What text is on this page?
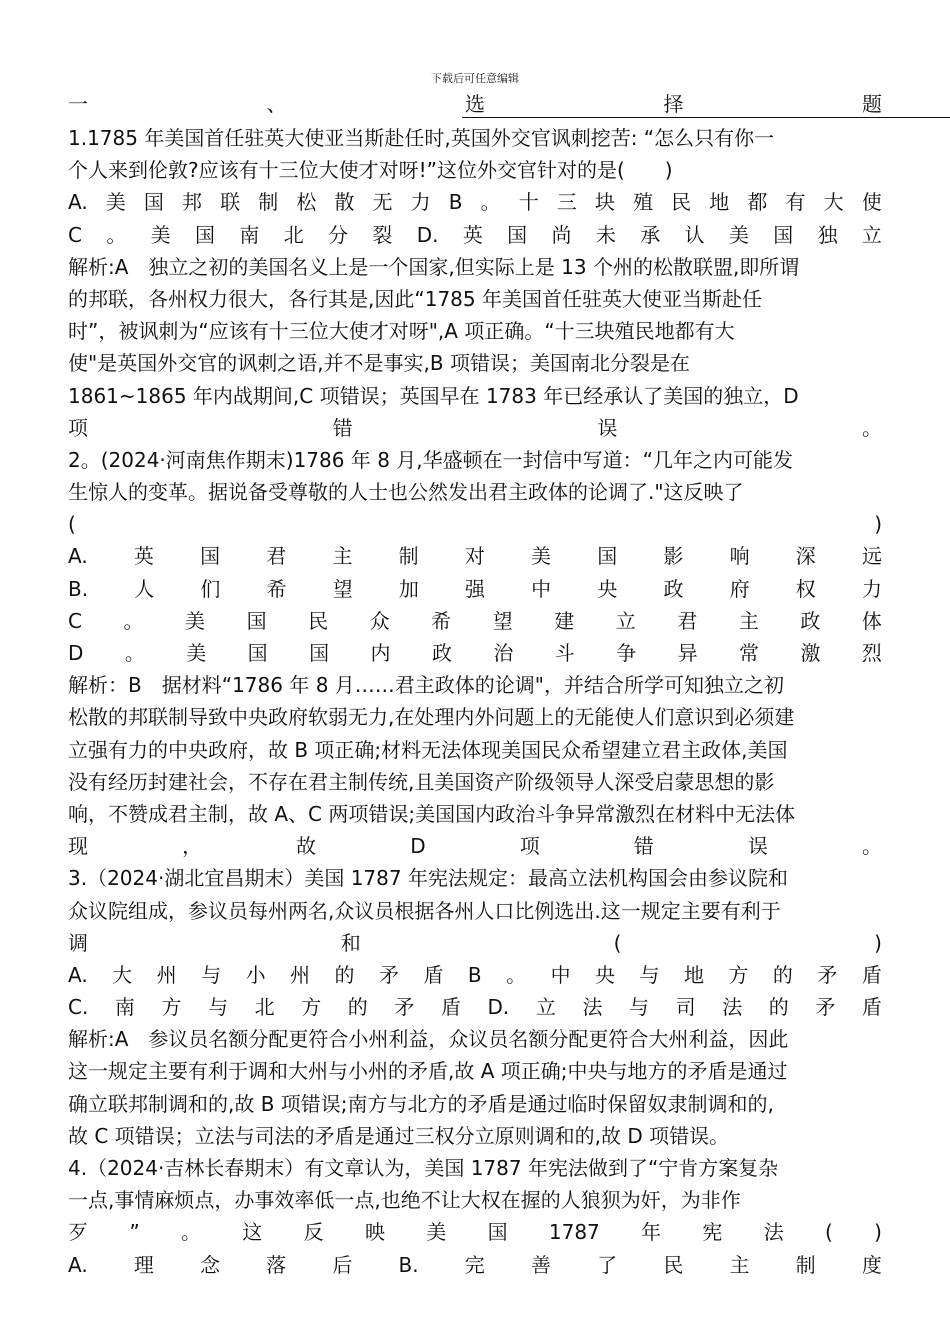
下载后可任意编辑
一	、	选	择	题
1.1785 年美国首任驻英大使亚当斯赴任时,英国外交官讽刺挖苦: “怎么只有你一
个人来到伦敦?应该有十三位大使才对呀!”这位外交官针对的是(　　)
A. 美 国 邦 联 制 松 散 无 力 B 。 十 三 块 殖 民 地 都 有 大 使
C 。 美 国 南 北 分 裂 D. 英 国 尚 未 承 认 美 国 独 立
解析:A　独立之初的美国名义上是一个国家,但实际上是 13 个州的松散联盟,即所谓
的邦联，各州权力很大，各行其是,因此“1785 年美国首任驻英大使亚当斯赴任
时”，被讽刺为“应该有十三位大使才对呀",A 项正确。“十三块殖民地都有大
使"是英国外交官的讽刺之语,并不是事实,B 项错误；美国南北分裂是在
1861~1865 年内战期间,C 项错误；英国早在 1783 年已经承认了美国的独立，D
项	错	误	。
2。(2024·河南焦作期末)1786 年 8 月,华盛顿在一封信中写道：“几年之内可能发
生惊人的变革。据说备受尊敬的人士也公然发出君主政体的论调了."这反映了
(	)
A. 英 国 君 主 制 对 美 国 影 响 深 远
B. 人 们 希 望 加 强 中 央 政 府 权 力
C 。 美 国 民 众 希 望 建 立 君 主 政 体
D 。 美 国 国 内 政 治 斗 争 异 常 激 烈
解析：B　据材料“1786 年 8 月……君主政体的论调"，并结合所学可知独立之初
松散的邦联制导致中央政府软弱无力,在处理内外问题上的无能使人们意识到必须建
立强有力的中央政府，故 B 项正确;材料无法体现美国民众希望建立君主政体,美国
没有经历封建社会，不存在君主制传统,且美国资产阶级领导人深受启蒙思想的影
响，不赞成君主制，故 A、C 两项错误;美国国内政治斗争异常激烈在材料中无法体
现	，	故	D	项	错	误	。
3.（2024·湖北宜昌期末）美国 1787 年宪法规定：最高立法机构国会由参议院和
众议院组成，参议员每州两名,众议员根据各州人口比例选出.这一规定主要有利于
调	和	(	)
A. 大 州 与 小 州 的 矛 盾 B 。 中 央 与 地 方 的 矛 盾
C. 南 方 与 北 方 的 矛 盾 D. 立 法 与 司 法 的 矛 盾
解析:A　参议员名额分配更符合小州利益，众议员名额分配更符合大州利益，因此
这一规定主要有利于调和大州与小州的矛盾,故 A 项正确;中央与地方的矛盾是通过
确立联邦制调和的,故 B 项错误;南方与北方的矛盾是通过临时保留奴隶制调和的,
故 C 项错误；立法与司法的矛盾是通过三权分立原则调和的,故 D 项错误。
4.（2024·吉林长春期末）有文章认为，美国 1787 年宪法做到了“宁肯方案复杂
一点,事情麻烦点，办事效率低一点,也绝不让大权在握的人狼狈为奸，为非作
歹 ” 。 这 反 映 美 国 1787 年 宪 法 ( )
A. 理 念 落 后 B. 完 善 了 民 主 制 度
